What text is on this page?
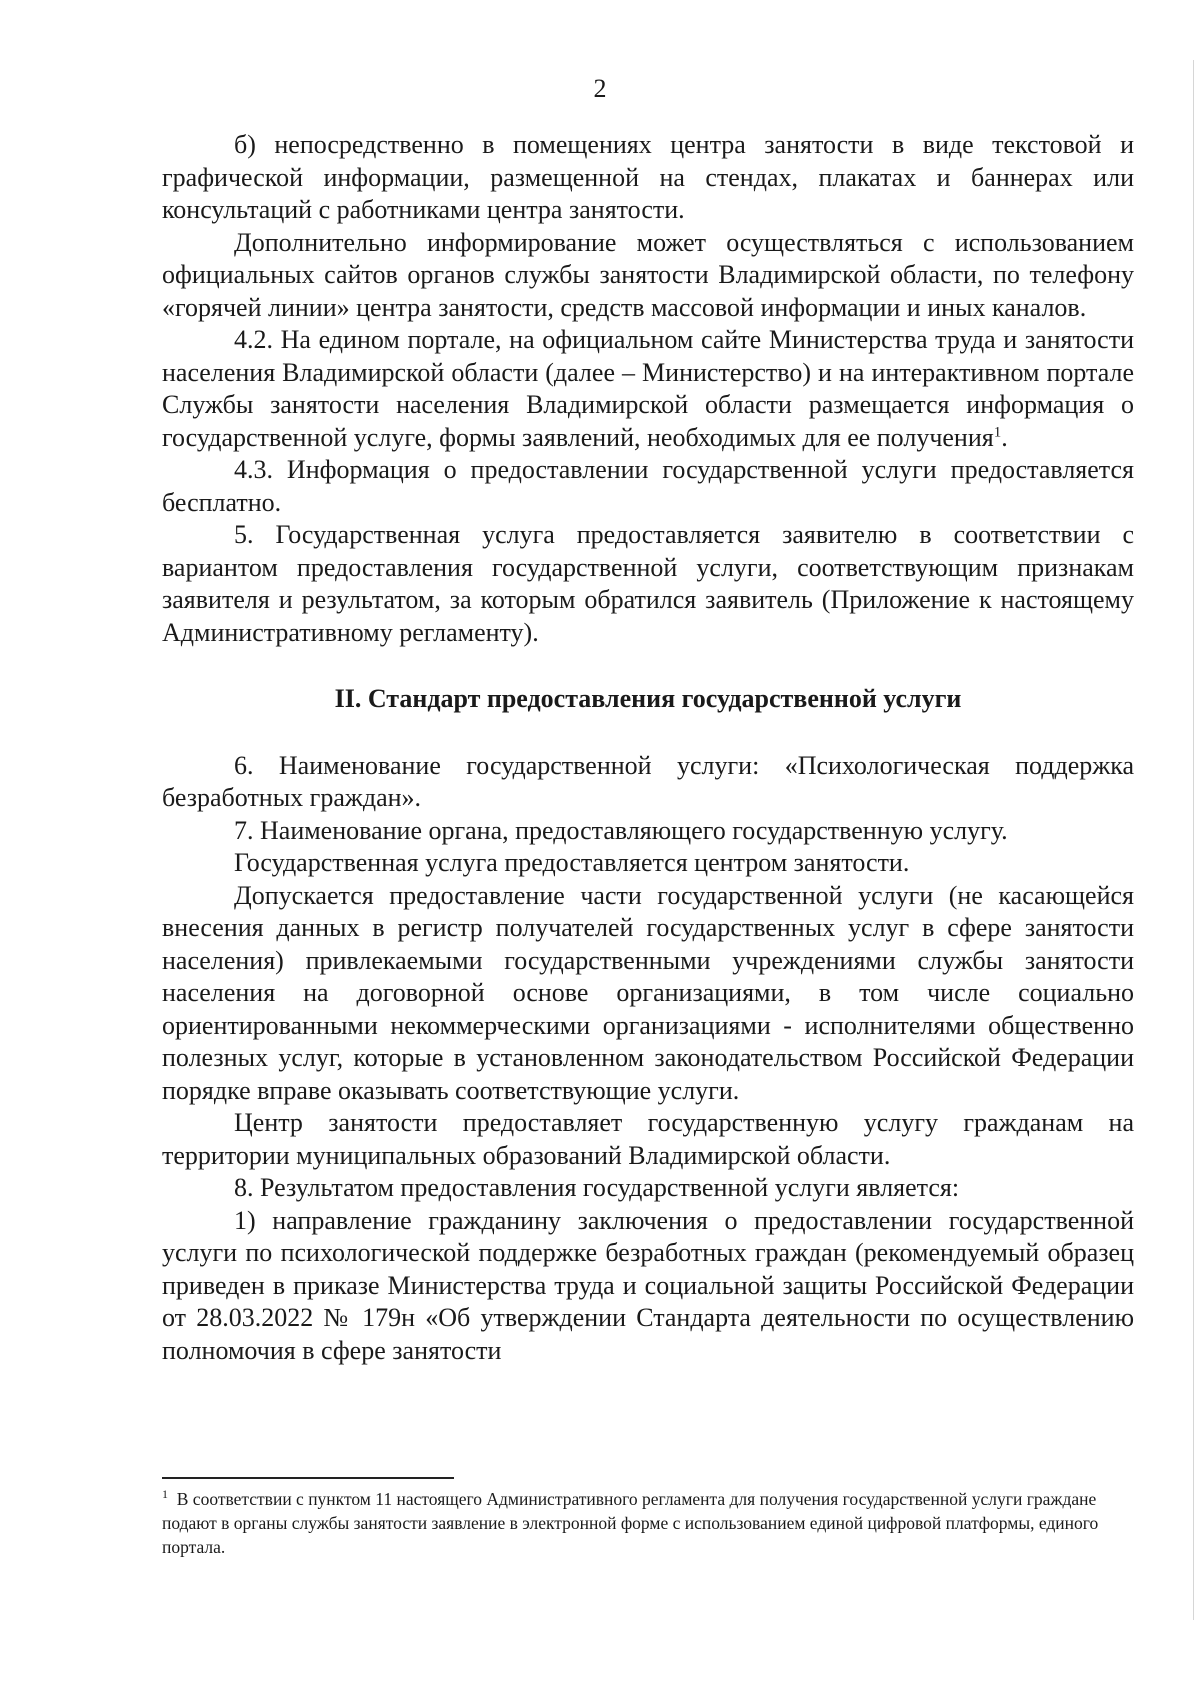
2

б) непосредственно в помещениях центра занятости в виде текстовой и графической информации, размещенной на стендах, плакатах и баннерах или консультаций с работниками центра занятости.

Дополнительно информирование может осуществляться с использованием официальных сайтов органов службы занятости Владимирской области, по телефону «горячей линии» центра занятости, средств массовой информации и иных каналов.

4.2. На едином портале, на официальном сайте Министерства труда и занятости населения Владимирской области (далее – Министерство) и на интерактивном портале Службы занятости населения Владимирской области размещается информация о государственной услуге, формы заявлений, необходимых для ее получения$^1$.

4.3. Информация о предоставлении государственной услуги предоставляется бесплатно.

5. Государственная услуга предоставляется заявителю в соответствии с вариантом предоставления государственной услуги, соответствующим признакам заявителя и результатом, за которым обратился заявитель (Приложение к настоящему Административному регламенту).

II. Стандарт предоставления государственной услуги

6. Наименование государственной услуги: «Психологическая поддержка безработных граждан».

7. Наименование органа, предоставляющего государственную услугу.

Государственная услуга предоставляется центром занятости.

Допускается предоставление части государственной услуги (не касающейся внесения данных в регистр получателей государственных услуг в сфере занятости населения) привлекаемыми государственными учреждениями службы занятости населения на договорной основе организациями, в том числе социально ориентированными некоммерческими организациями - исполнителями общественно полезных услуг, которые в установленном законодательством Российской Федерации порядке вправе оказывать соответствующие услуги.

Центр занятости предоставляет государственную услугу гражданам на территории муниципальных образований Владимирской области.

8. Результатом предоставления государственной услуги является:

1) направление гражданину заключения о предоставлении государственной услуги по психологической поддержке безработных граждан (рекомендуемый образец приведен в приказе Министерства труда и социальной защиты Российской Федерации от 28.03.2022 № 179н «Об утверждении Стандарта деятельности по осуществлению полномочия в сфере занятости

$^1$ В соответствии с пунктом 11 настоящего Административного регламента для получения государственной услуги граждане подают в органы службы занятости заявление в электронной форме с использованием единой цифровой платформы, единого портала.
